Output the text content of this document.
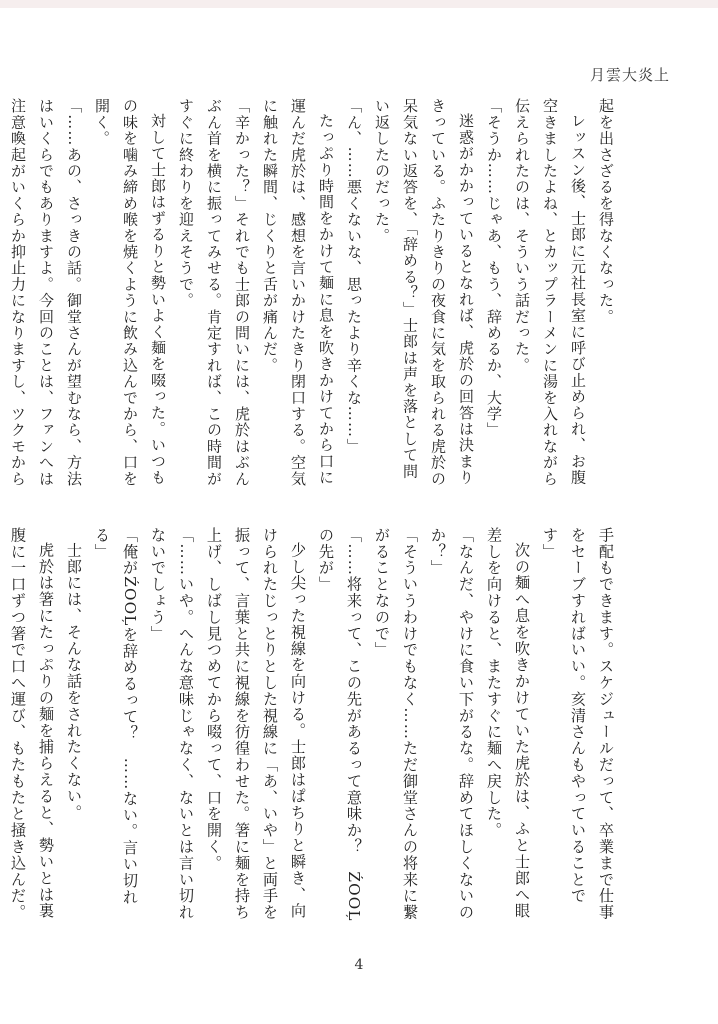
月雲大炎上

起を出さざるを得なくなった。

レッスン後、士郎に元社長室に呼び止められ、お腹空きましたよね、とカップラーメンに湯を入れながら伝えられたのは、そういう話だった。

「そうか……じゃあ、もう、辞めるか、大学」

迷惑がかかっているとなれば、虎於の回答は決まりきっている。ふたりきりの夜食に気を取られる虎於の呆気ない返答を、「辞める？」士郎は声を落として問い返したのだった。

「ん、……悪くないな、思ったより辛くな……」

たっぷり時間をかけて麺に息を吹きかけてから口に運んだ虎於は、感想を言いかけたきり閉口する。空気に触れた瞬間、じくりと舌が痛んだ。

「辛かった？」それでも士郎の問いには、虎於はぶんぶん首を横に振ってみせる。肯定すれば、この時間がすぐに終わりを迎えそうで。

対して士郎はずるりと勢いよく麺を啜った。いつもの味を噛み締め喉を焼くように飲み込んでから、口を開く。

「……あの、さっきの話。御堂さんが望むなら、方法はいくらでもありますよ。今回のことは、ファンへは注意喚起がいくらか抑止力になりますし、ツクモから

手配もできます。スケジュールだって、卒業まで仕事をセーブすればいい。亥清さんもやっていることです」

次の麺へ息を吹きかけていた虎於は、ふと士郎へ眼差しを向けると、またすぐに麺へ戻した。

「なんだ、やけに食い下がるな。辞めてほしくないのか？」

「そういうわけでもなく……ただ御堂さんの将来に繋がることなので」

「……将来って、この先があるって意味か？　ŹOOĻの先が」

少し尖った視線を向ける。士郎はぱちりと瞬き、向けられたじっとりとした視線に「あ、いや」と両手を振って、言葉と共に視線を彷徨わせた。箸に麺を持ち上げ、しばし見つめてから啜って、口を開く。

「……いや。へんな意味じゃなく、ないとは言い切れないでしょう」

「俺がŹOOĻを辞めるって？　……ない。言い切れる」

士郎には、そんな話をされたくない。

虎於は箸にたっぷりの麺を捕らえると、勢いとは裏腹に一口ずつ箸で口へ運び、もたもたと掻き込んだ。

4
